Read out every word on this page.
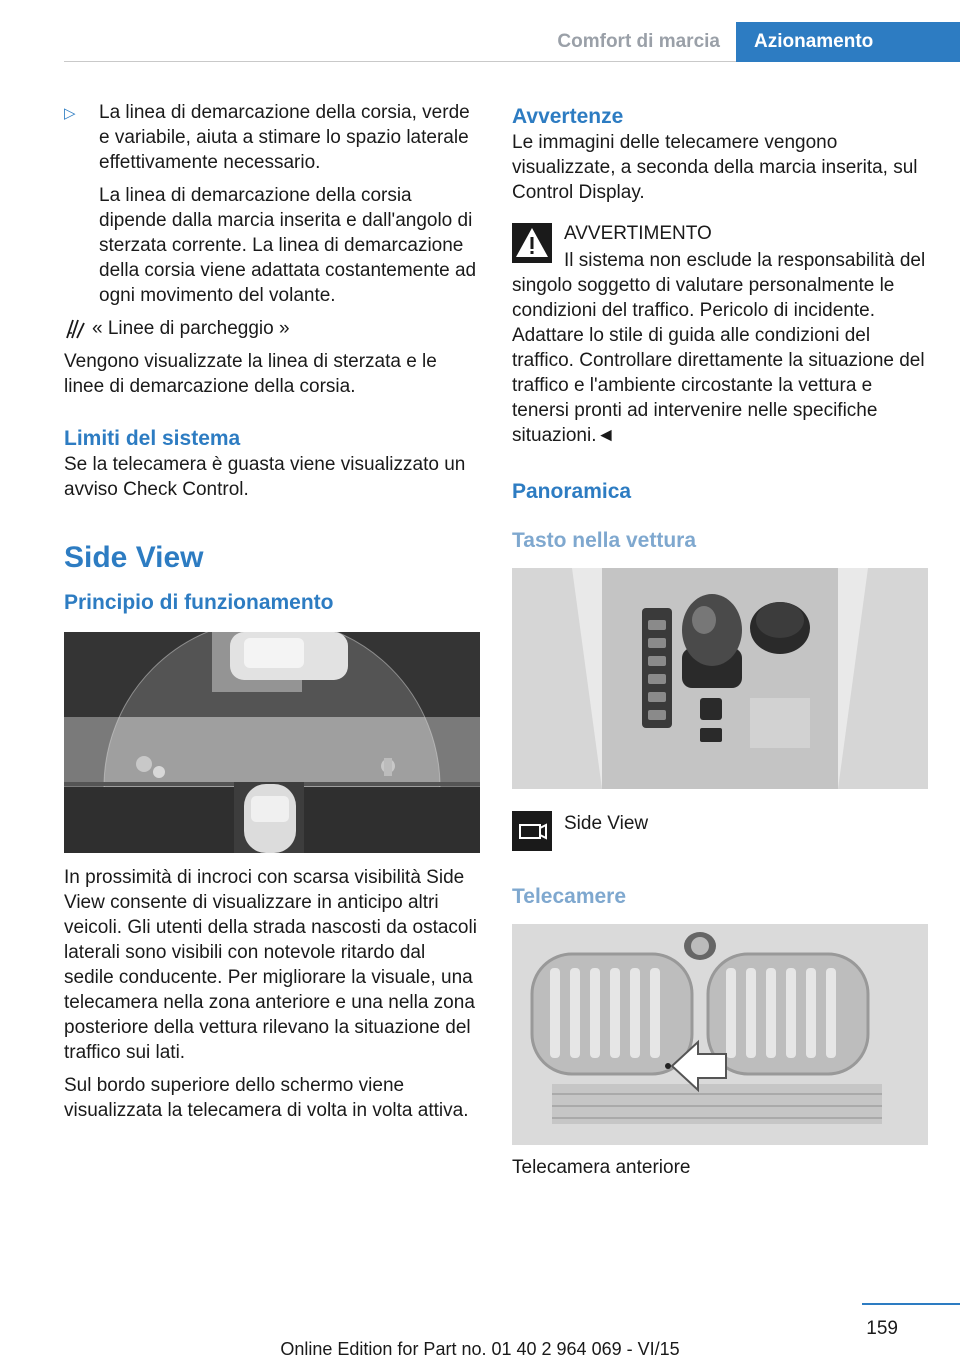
Comfort di marcia	Azionamento
▷ La linea di demarcazione della corsia, verde e variabile, aiuta a stimare lo spazio laterale effettivamente necessario.
La linea di demarcazione della corsia dipende dalla marcia inserita e dall'angolo di sterzata corrente. La linea di demarcazione della corsia viene adattata costantemente ad ogni movimento del volante.
« Linee di parcheggio »

Vengono visualizzate la linea di sterzata e le linee di demarcazione della corsia.

Limiti del sistema

Se la telecamera è guasta viene visualizzato un avviso Check Control.

Side View
Principio di funzionamento

In prossimità di incroci con scarsa visibilità Side View consente di visualizzare in anticipo altri veicoli. Gli utenti della strada nascosti da ostacoli laterali sono visibili con notevole ritardo dal sedile conducente. Per migliorare la visuale, una telecamera nella zona anteriore e una nella zona posteriore della vettura rilevano la situazione del traffico sui lati.

Sul bordo superiore dello schermo viene visualizzata la telecamera di volta in volta attiva.

Avvertenze

Le immagini delle telecamere vengono visualizzate, a seconda della marcia inserita, sul Control Display.

AVVERTIMENTO
Il sistema non esclude la responsabilità del singolo soggetto di valutare personalmente le condizioni del traffico. Pericolo di incidente. Adattare lo stile di guida alle condizioni del traffico. Controllare direttamente la situazione del traffico e l'ambiente circostante la vettura e tenersi pronti ad intervenire nelle specifiche situazioni.◄
Panoramica
Tasto nella vettura
Side View
Telecamere

Telecamera anteriore

159
Online Edition for Part no. 01 40 2 964 069 - VI/15
